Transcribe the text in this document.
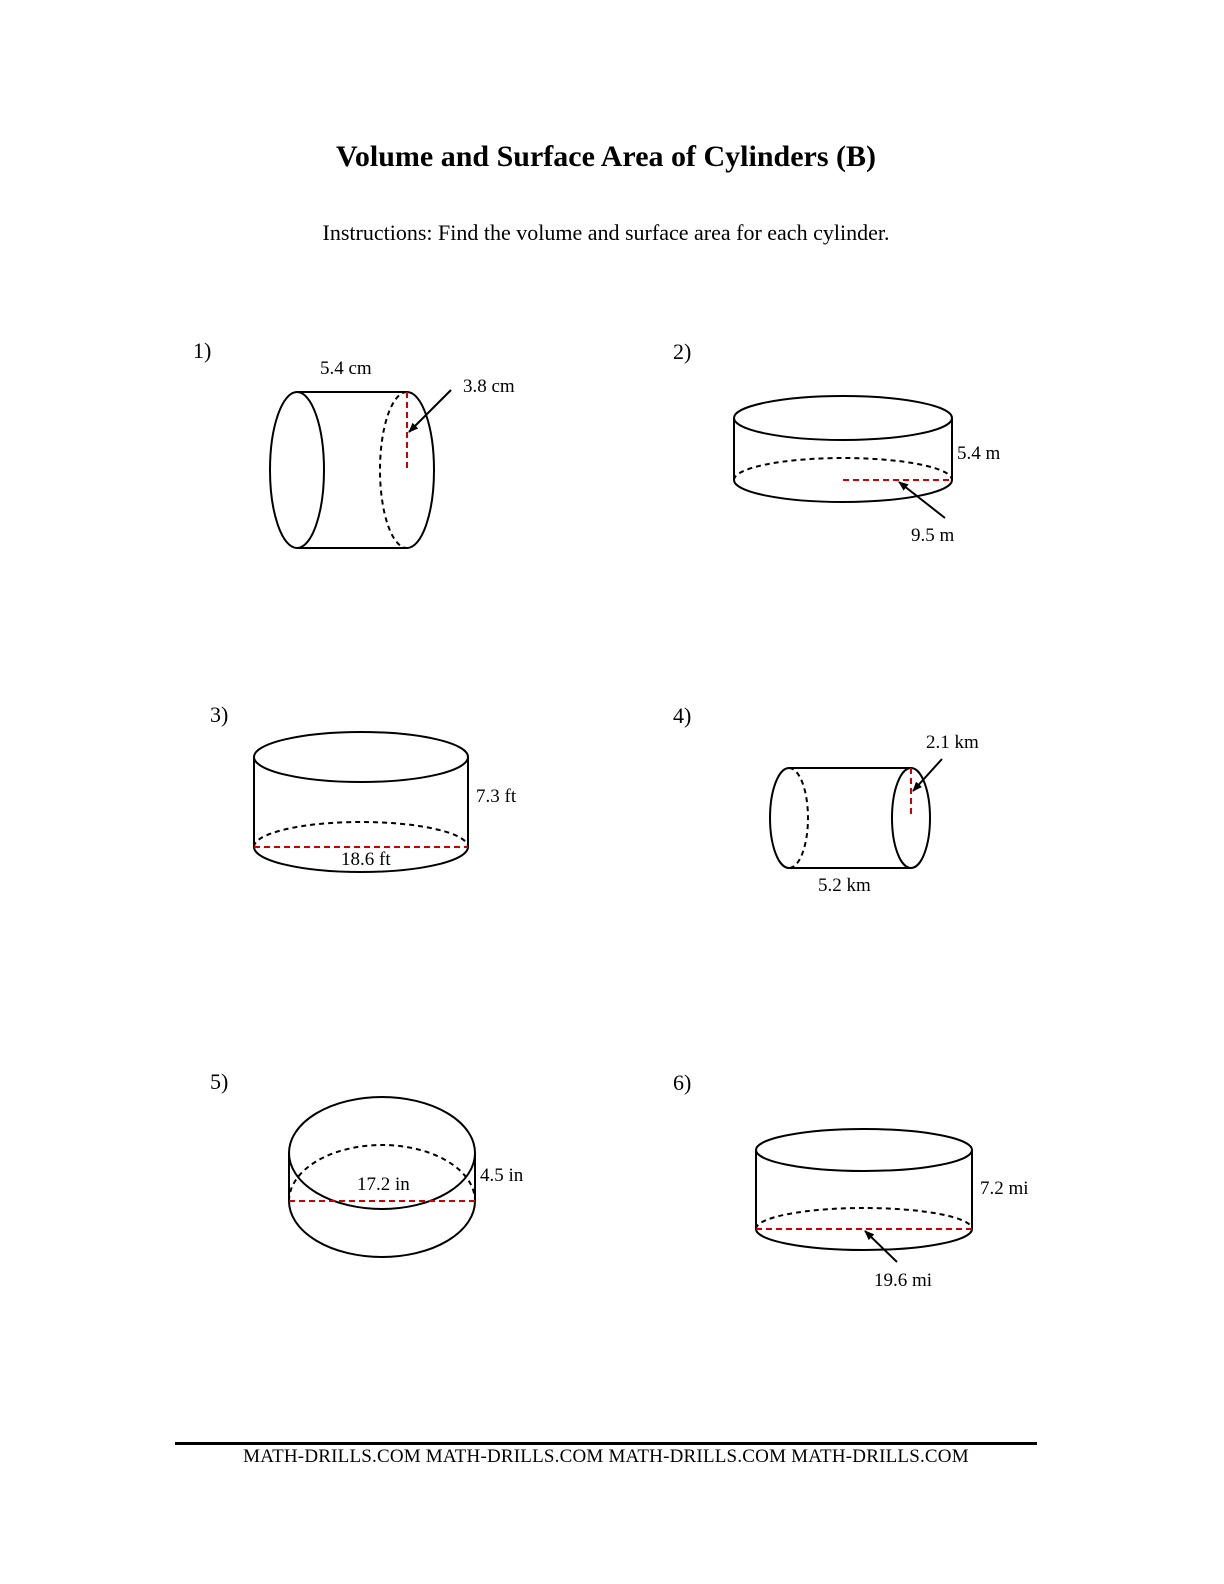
Volume and Surface Area of Cylinders (B)
Instructions: Find the volume and surface area for each cylinder.
1)	2)
3)	4)
5)	6)
5.4 cm
3.8 cm
5.4 m
9.5 m
7.3 ft
18.6 ft
2.1 km
5.2 km
4.5 in
17.2 in	7.2 mi
19.6 mi
MATH-DRILLS.COM MATH-DRILLS.COM MATH-DRILLS.COM MATH-DRILLS.COM
